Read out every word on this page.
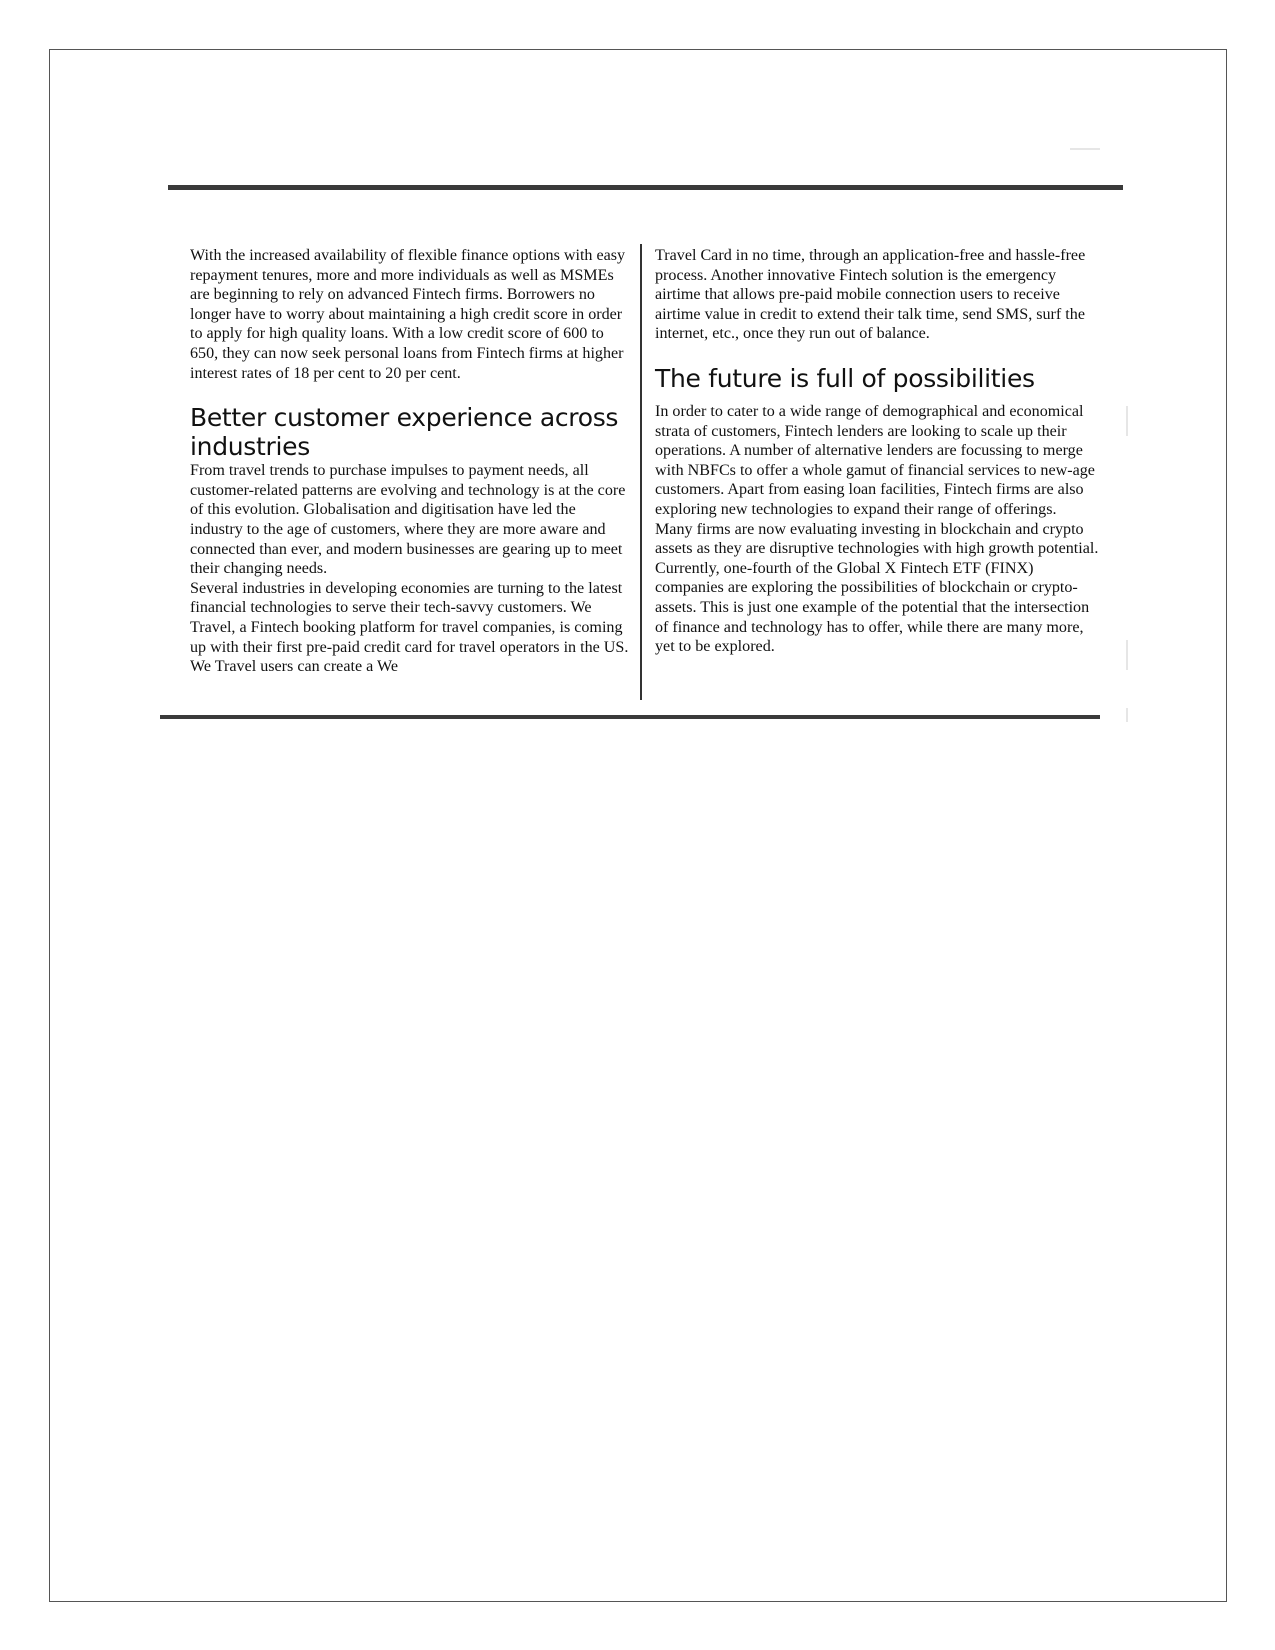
With the increased availability of flexible finance options with easy repayment tenures, more and more individuals as well as MSMEs are beginning to rely on advanced Fintech firms. Borrowers no longer have to worry about maintaining a high credit score in order to apply for high quality loans. With a low credit score of 600 to 650, they can now seek personal loans from Fintech firms at higher interest rates of 18 per cent to 20 per cent.

Better customer experience across industries

From travel trends to purchase impulses to payment needs, all customer-related patterns are evolving and technology is at the core of this evolution. Globalisation and digitisation have led the industry to the age of customers, where they are more aware and connected than ever, and modern businesses are gearing up to meet their changing needs.

Several industries in developing economies are turning to the latest financial technologies to serve their tech-savvy customers. We Travel, a Fintech booking platform for travel companies, is coming up with their first pre-paid credit card for travel operators in the US. We Travel users can create a We

Travel Card in no time, through an application-free and hassle-free process. Another innovative Fintech solution is the emergency airtime that allows pre-paid mobile connection users to receive airtime value in credit to extend their talk time, send SMS, surf the internet, etc., once they run out of balance.

The future is full of possibilities

In order to cater to a wide range of demographical and economical strata of customers, Fintech lenders are looking to scale up their operations. A number of alternative lenders are focussing to merge with NBFCs to offer a whole gamut of financial services to new-age customers. Apart from easing loan facilities, Fintech firms are also exploring new technologies to expand their range of offerings.

Many firms are now evaluating investing in blockchain and crypto assets as they are disruptive technologies with high growth potential. Currently, one-fourth of the Global X Fintech ETF (FINX) companies are exploring the possibilities of blockchain or crypto-assets. This is just one example of the potential that the intersection of finance and technology has to offer, while there are many more, yet to be explored.
